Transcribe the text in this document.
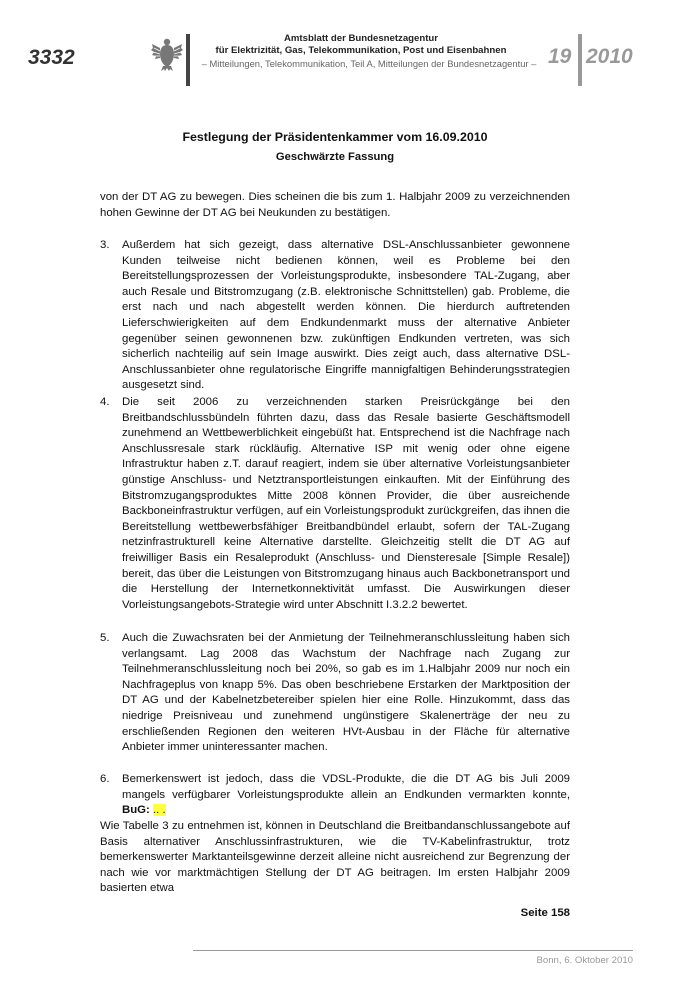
3332
Amtsblatt der Bundesnetzagentur
für Elektrizität, Gas, Telekommunikation, Post und Eisenbahnen
– Mitteilungen, Telekommunikation, Teil A, Mitteilungen der Bundesnetzagentur – 19 2010
Festlegung der Präsidentenkammer vom 16.09.2010
Geschwärzte Fassung
von der DT AG zu bewegen. Dies scheinen die bis zum 1. Halbjahr 2009 zu verzeichnenden hohen Gewinne der DT AG bei Neukunden zu bestätigen.
3. Außerdem hat sich gezeigt, dass alternative DSL-Anschlussanbieter gewonnene Kunden teilweise nicht bedienen können, weil es Probleme bei den Bereitstellungsprozessen der Vorleistungsprodukte, insbesondere TAL-Zugang, aber auch Resale und Bitstromzugang (z.B. elektronische Schnittstellen) gab. Probleme, die erst nach und nach abgestellt werden können. Die hierdurch auftretenden Lieferschwierigkeiten auf dem Endkundenmarkt muss der alternative Anbieter gegenüber seinen gewonnenen bzw. zukünftigen Endkunden vertreten, was sich sicherlich nachteilig auf sein Image auswirkt. Dies zeigt auch, dass alternative DSL-Anschlussanbieter ohne regulatorische Eingriffe mannigfaltigen Behinderungsstrategien ausgesetzt sind.
4. Die seit 2006 zu verzeichnenden starken Preisrückgänge bei den Breitbandschlussbündeln führten dazu, dass das Resale basierte Geschäftsmodell zunehmend an Wettbewerblichkeit eingebüßt hat. Entsprechend ist die Nachfrage nach Anschlussresale stark rückläufig. Alternative ISP mit wenig oder ohne eigene Infrastruktur haben z.T. darauf reagiert, indem sie über alternative Vorleistungsanbieter günstige Anschluss- und Netztransportleistungen einkauften. Mit der Einführung des Bitstromzugangsproduktes Mitte 2008 können Provider, die über ausreichende Backboneinfrastruktur verfügen, auf ein Vorleistungsprodukt zurückgreifen, das ihnen die Bereitstellung wettbewerbsfähiger Breitbandbündel erlaubt, sofern der TAL-Zugang netzinfrastrukturell keine Alternative darstellte. Gleichzeitig stellt die DT AG auf freiwilliger Basis ein Resaleprodukt (Anschluss- und Diensteresale [Simple Resale]) bereit, das über die Leistungen von Bitstromzugang hinaus auch Backbonetransport und die Herstellung der Internetkonnektivität umfasst. Die Auswirkungen dieser Vorleistungsangebots-Strategie wird unter Abschnitt I.3.2.2 bewertet.
5. Auch die Zuwachsraten bei der Anmietung der Teilnehmeranschlussleitung haben sich verlangsamt. Lag 2008 das Wachstum der Nachfrage nach Zugang zur Teilnehmeranschlussleitung noch bei 20%, so gab es im 1.Halbjahr 2009 nur noch ein Nachfrageplus von knapp 5%. Das oben beschriebene Erstarken der Marktposition der DT AG und der Kabelnetzbetereiber spielen hier eine Rolle. Hinzukommt, dass das niedrige Preisniveau und zunehmend ungünstigere Skalenerträge der neu zu erschließenden Regionen den weiteren HVt-Ausbau in der Fläche für alternative Anbieter immer uninteressanter machen.
6. Bemerkenswert ist jedoch, dass die VDSL-Produkte, die die DT AG bis Juli 2009 mangels verfügbarer Vorleistungsprodukte allein an Endkunden vermarkten konnte, BuG: .. .
Wie Tabelle 3 zu entnehmen ist, können in Deutschland die Breitbandanschlussangebote auf Basis alternativer Anschlussinfrastrukturen, wie die TV-Kabelinfrastruktur, trotz bemerkenswerter Marktanteilsgewinne derzeit alleine nicht ausreichend zur Begrenzung der nach wie vor marktmächtigen Stellung der DT AG beitragen. Im ersten Halbjahr 2009 basierten etwa
Seite 158
Bonn, 6. Oktober 2010
